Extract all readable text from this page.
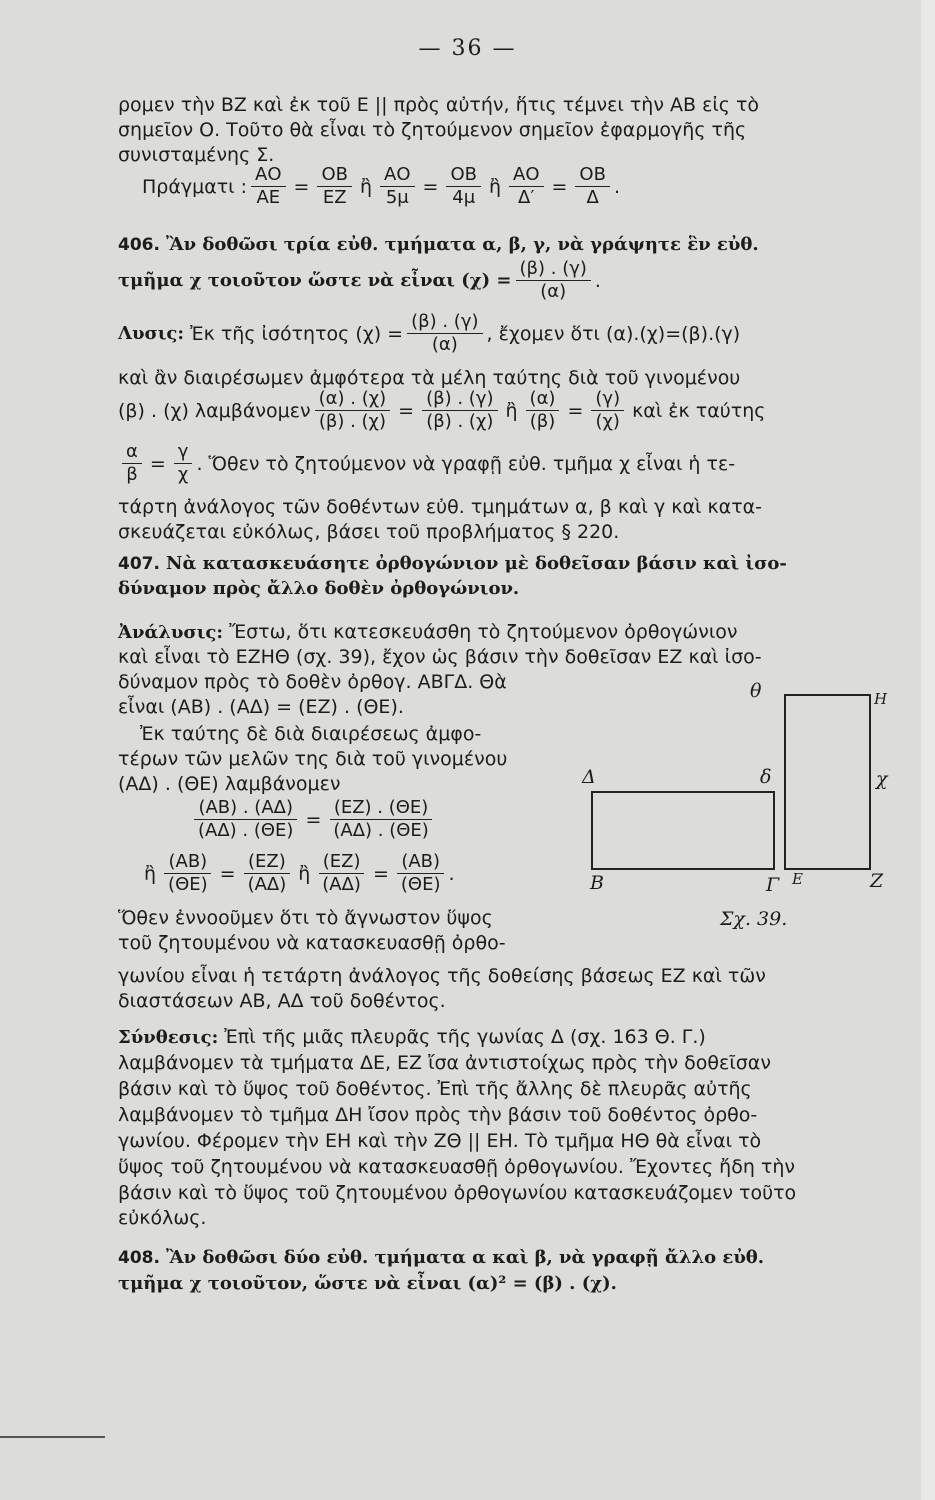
— 36 —
ρομεν τὴν ΒΖ καὶ ἐκ τοῦ Ε || πρὸς αὐτήν, ἥτις τέμνει τὴν ΑΒ εἰς τὸ
σημεῖον Ο. Τοῦτο θὰ εἶναι τὸ ζητούμενον σημεῖον ἐφαρμογῆς τῆς
συνισταμένης Σ.
Πράγματι : $\frac{AO}{AE} = \frac{OB}{EZ}$ ἢ $\frac{AO}{5\mu} = \frac{OB}{4\mu}$ ἢ $\frac{AO}{\Delta'} = \frac{OB}{\Delta}$ .
406. Ἂν δοθῶσι τρία εὐθ. τμήματα α, β, γ, νὰ γράψητε ἓν εὐθ.
τμῆμα χ τοιοῦτον ὥστε νὰ εἶναι $(\chi) = \frac{(\beta) . (\gamma)}{(\alpha)}$ .
Λυσις:
Ἐκ τῆς ἰσότητος $(\chi) = \frac{(\beta) . (\gamma)}{(\alpha)}$ , ἔχομεν ὅτι (α).(χ)=(β).(γ)
καὶ ἂν διαιρέσωμεν ἀμφότερα τὰ μέλη ταύτης διὰ τοῦ γινομένου
(β) . (χ) λαμβάνομεν $\frac{(\alpha) . (\chi)}{(\beta) . (\chi)} = \frac{(\beta) . (\gamma)}{(\beta) . (\chi)}$ ἢ $\frac{(\alpha)}{(\beta)} = \frac{(\gamma)}{(\chi)}$ καὶ ἐκ ταύτης
$\frac{\alpha}{\beta} = \frac{\gamma}{\chi}$ . Ὅθεν τὸ ζητούμενον νὰ γραφῇ εὐθ. τμῆμα χ εἶναι ἡ τε-
τάρτη ἀνάλογος τῶν δοθέντων εὐθ. τμημάτων α, β καὶ γ καὶ κατα-
σκευάζεται εὐκόλως, βάσει τοῦ προβλήματος § 220.
407. Νὰ κατασκευάσητε ὀρθογώνιον μὲ δοθεῖσαν βάσιν καὶ ἰσο-
δύναμον πρὸς ἄλλο δοθὲν ὀρθογώνιον.
Ἀνάλυσις: Ἔστω, ὅτι κατεσκευάσθη τὸ ζητούμενον ὀρθογώνιον
καὶ εἶναι τὸ ΕΖΗΘ (σχ. 39), ἔχον ὡς βάσιν τὴν δοθεῖσαν ΕΖ καὶ ἰσο-
δύναμον πρὸς τὸ δοθὲν ὀρθογ. ΑΒΓΔ. Θὰ
εἶναι (ΑΒ) . (ΑΔ) = (ΕΖ) . (ΘΕ).
Ἐκ ταύτης δὲ διὰ διαιρέσεως ἀμφο-
τέρων τῶν μελῶν της διὰ τοῦ γινομένου
(ΑΔ) . (ΘΕ) λαμβάνομεν
$\frac{(AB) . (A\Delta)}{(A\Delta) . (\Theta E)} = \frac{(EZ) . (\Theta E)}{(A\Delta) . (\Theta E)}$
ἢ $\frac{(AB)}{(\Theta E)} = \frac{(EZ)}{(A\Delta)}$ ἢ $\frac{(EZ)}{(A\Delta)} = \frac{(AB)}{(\Theta E)}$ .
Ὅθεν ἐννοοῦμεν ὅτι τὸ ἄγνωστον ὕψος
τοῦ ζητουμένου νὰ κατασκευασθῇ ὀρθο-
γωνίου εἶναι ἡ τετάρτη ἀνάλογος τῆς δοθείσης βάσεως ΕΖ καὶ τῶν
διαστάσεων ΑΒ, ΑΔ τοῦ δοθέντος.
Σύνθεσις: Ἐπὶ τῆς μιᾶς πλευρᾶς τῆς γωνίας Δ (σχ. 163 Θ. Γ.)
λαμβάνομεν τὰ τμήματα ΔΕ, ΕΖ ἴσα ἀντιστοίχως πρὸς τὴν δοθεῖσαν
βάσιν καὶ τὸ ὕψος τοῦ δοθέντος. Ἐπὶ τῆς ἄλλης δὲ πλευρᾶς αὐτῆς
λαμβάνομεν τὸ τμῆμα ΔΗ ἴσον πρὸς τὴν βάσιν τοῦ δοθέντος ὀρθο-
γωνίου. Φέρομεν τὴν ΕΗ καὶ τὴν ΖΘ || ΕΗ. Τὸ τμῆμα ΗΘ θὰ εἶναι τὸ
ὕψος τοῦ ζητουμένου νὰ κατασκευασθῇ ὀρθογωνίου. Ἔχοντες ἤδη τὴν
βάσιν καὶ τὸ ὕψος τοῦ ζητουμένου ὀρθογωνίου κατασκευάζομεν τοῦτο
εὐκόλως.
408. Ἂν δοθῶσι δύο εὐθ. τμήματα α καὶ β, νὰ γραφῇ ἄλλο εὐθ.
τμῆμα χ τοιοῦτον, ὥστε νὰ εἶναι (α)² = (β) . (χ).
θ	Η
Δ	δ	χ
Β	Γ Ε	Ζ
Σχ. 39.
